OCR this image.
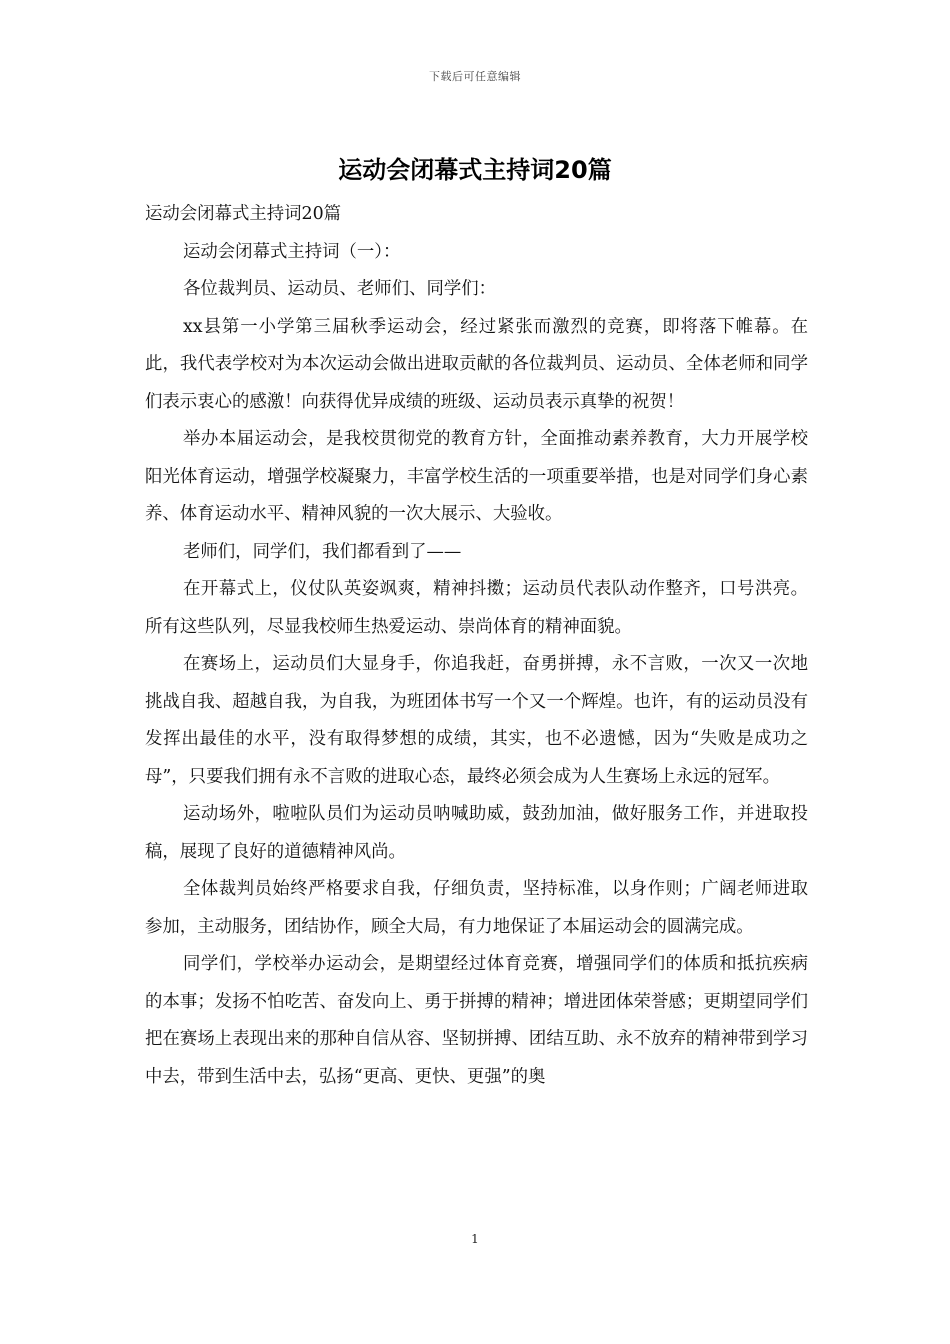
下载后可任意编辑
运动会闭幕式主持词20篇

运动会闭幕式主持词20篇

运动会闭幕式主持词（一）：

各位裁判员、运动员、老师们、同学们：

xx县第一小学第三届秋季运动会，经过紧张而激烈的竞赛，即将落下帷幕。在此，我代表学校对为本次运动会做出进取贡献的各位裁判员、运动员、全体老师和同学们表示衷心的感激！向获得优异成绩的班级、运动员表示真挚的祝贺！

举办本届运动会，是我校贯彻党的教育方针，全面推动素养教育，大力开展学校阳光体育运动，增强学校凝聚力，丰富学校生活的一项重要举措，也是对同学们身心素养、体育运动水平、精神风貌的一次大展示、大验收。

老师们，同学们，我们都看到了——

在开幕式上，仪仗队英姿飒爽，精神抖擞；运动员代表队动作整齐，口号洪亮。所有这些队列，尽显我校师生热爱运动、崇尚体育的精神面貌。

在赛场上，运动员们大显身手，你追我赶，奋勇拼搏，永不言败，一次又一次地挑战自我、超越自我，为自我，为班团体书写一个又一个辉煌。也许，有的运动员没有发挥出最佳的水平，没有取得梦想的成绩，其实，也不必遗憾，因为“失败是成功之母”，只要我们拥有永不言败的进取心态，最终必须会成为人生赛场上永远的冠军。

运动场外，啦啦队员们为运动员呐喊助威，鼓劲加油，做好服务工作，并进取投稿，展现了良好的道德精神风尚。

全体裁判员始终严格要求自我，仔细负责，坚持标准，以身作则；广阔老师进取参加，主动服务，团结协作，顾全大局，有力地保证了本届运动会的圆满完成。

同学们，学校举办运动会，是期望经过体育竞赛，增强同学们的体质和抵抗疾病的本事；发扬不怕吃苦、奋发向上、勇于拼搏的精神；增进团体荣誉感；更期望同学们把在赛场上表现出来的那种自信从容、坚韧拼搏、团结互助、永不放弃的精神带到学习中去，带到生活中去，弘扬“更高、更快、更强”的奥

1
